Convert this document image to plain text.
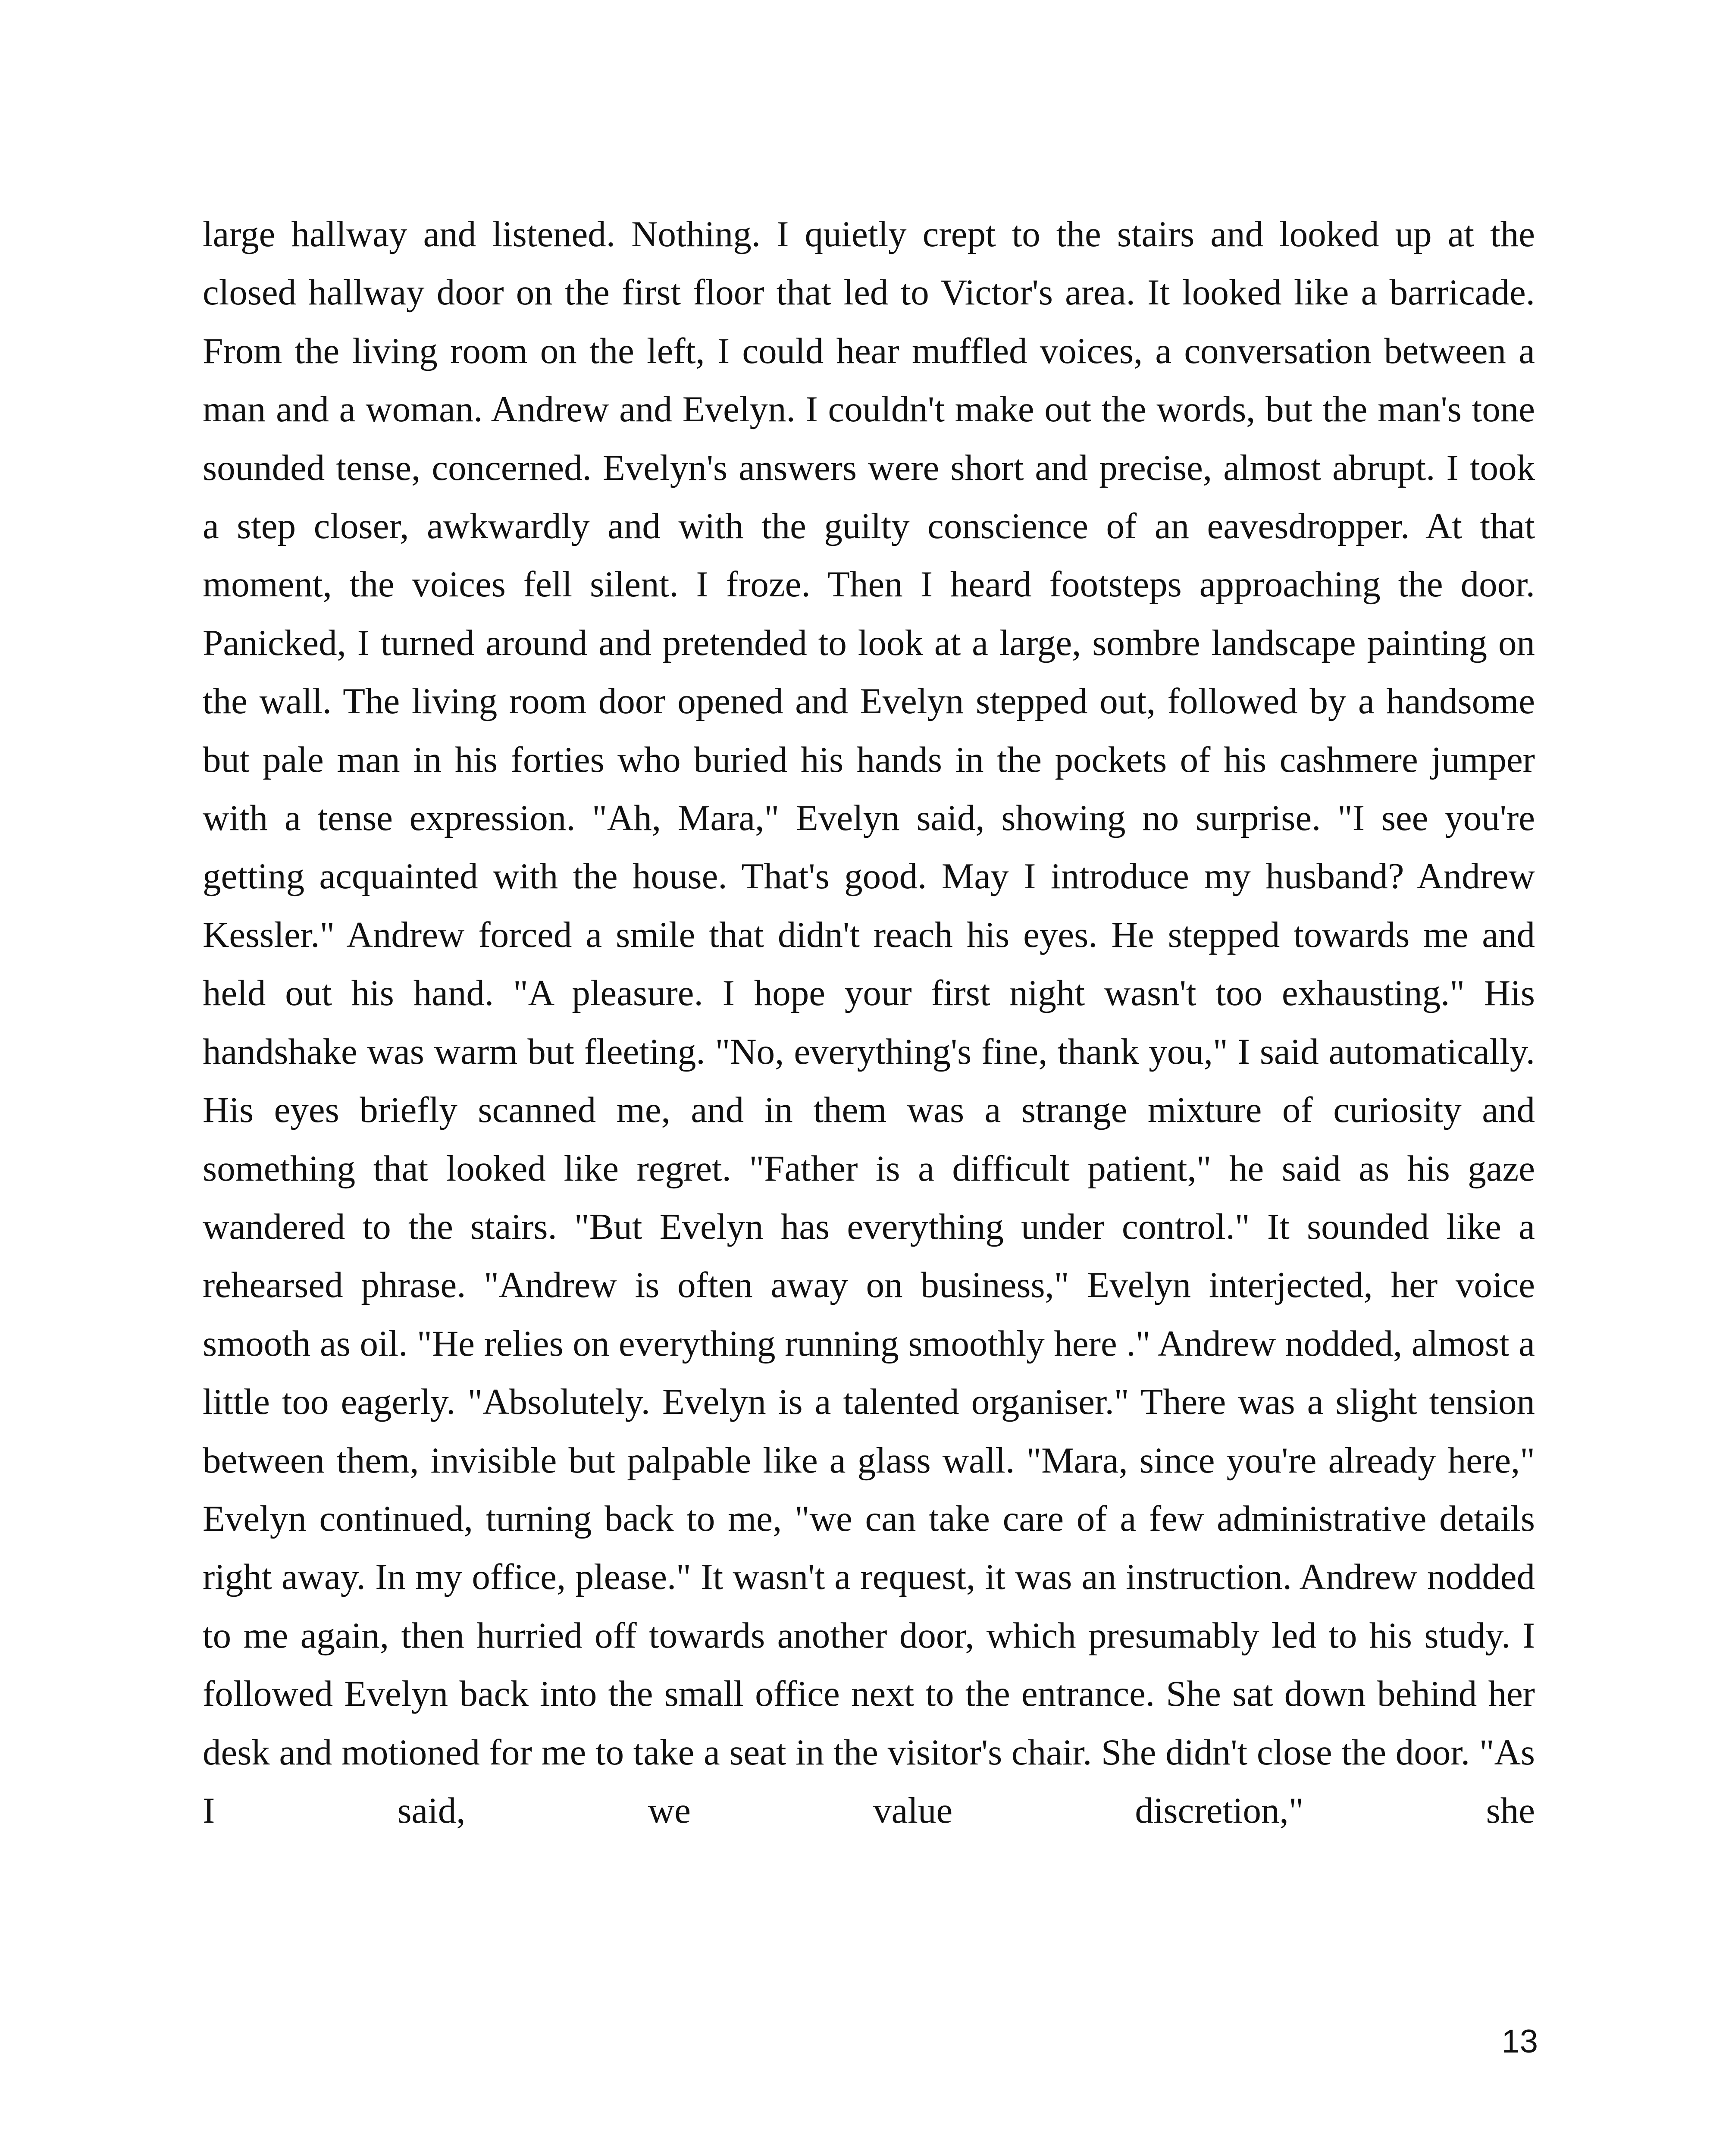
large hallway and listened. Nothing. I quietly crept to the stairs and looked up at the closed hallway door on the first floor that led to Victor's area. It looked like a barricade. From the living room on the left, I could hear muffled voices, a conversation between a man and a woman. Andrew and Evelyn. I couldn't make out the words, but the man's tone sounded tense, concerned. Evelyn's answers were short and precise, almost abrupt. I took a step closer, awkwardly and with the guilty conscience of an eavesdropper. At that moment, the voices fell silent. I froze. Then I heard footsteps approaching the door. Panicked, I turned around and pretended to look at a large, sombre landscape painting on the wall. The living room door opened and Evelyn stepped out, followed by a handsome but pale man in his forties who buried his hands in the pockets of his cashmere jumper with a tense expression. "Ah, Mara," Evelyn said, showing no surprise. "I see you're getting acquainted with the house. That's good. May I introduce my husband? Andrew Kessler." Andrew forced a smile that didn't reach his eyes. He stepped towards me and held out his hand. "A pleasure. I hope your first night wasn't too exhausting." His handshake was warm but fleeting. "No, everything's fine, thank you," I said automatically. His eyes briefly scanned me, and in them was a strange mixture of curiosity and something that looked like regret. "Father is a difficult patient," he said as his gaze wandered to the stairs. "But Evelyn has everything under control." It sounded like a rehearsed phrase. "Andrew is often away on business," Evelyn interjected, her voice smooth as oil. "He relies on everything running smoothly here ." Andrew nodded, almost a little too eagerly. "Absolutely. Evelyn is a talented organiser." There was a slight tension between them, invisible but palpable like a glass wall. "Mara, since you're already here," Evelyn continued, turning back to me, "we can take care of a few administrative details right away. In my office, please." It wasn't a request, it was an instruction. Andrew nodded to me again, then hurried off towards another door, which presumably led to his study. I followed Evelyn back into the small office next to the entrance. She sat down behind her desk and motioned for me to take a seat in the visitor's chair. She didn't close the door. "As I said, we value discretion," she

13
